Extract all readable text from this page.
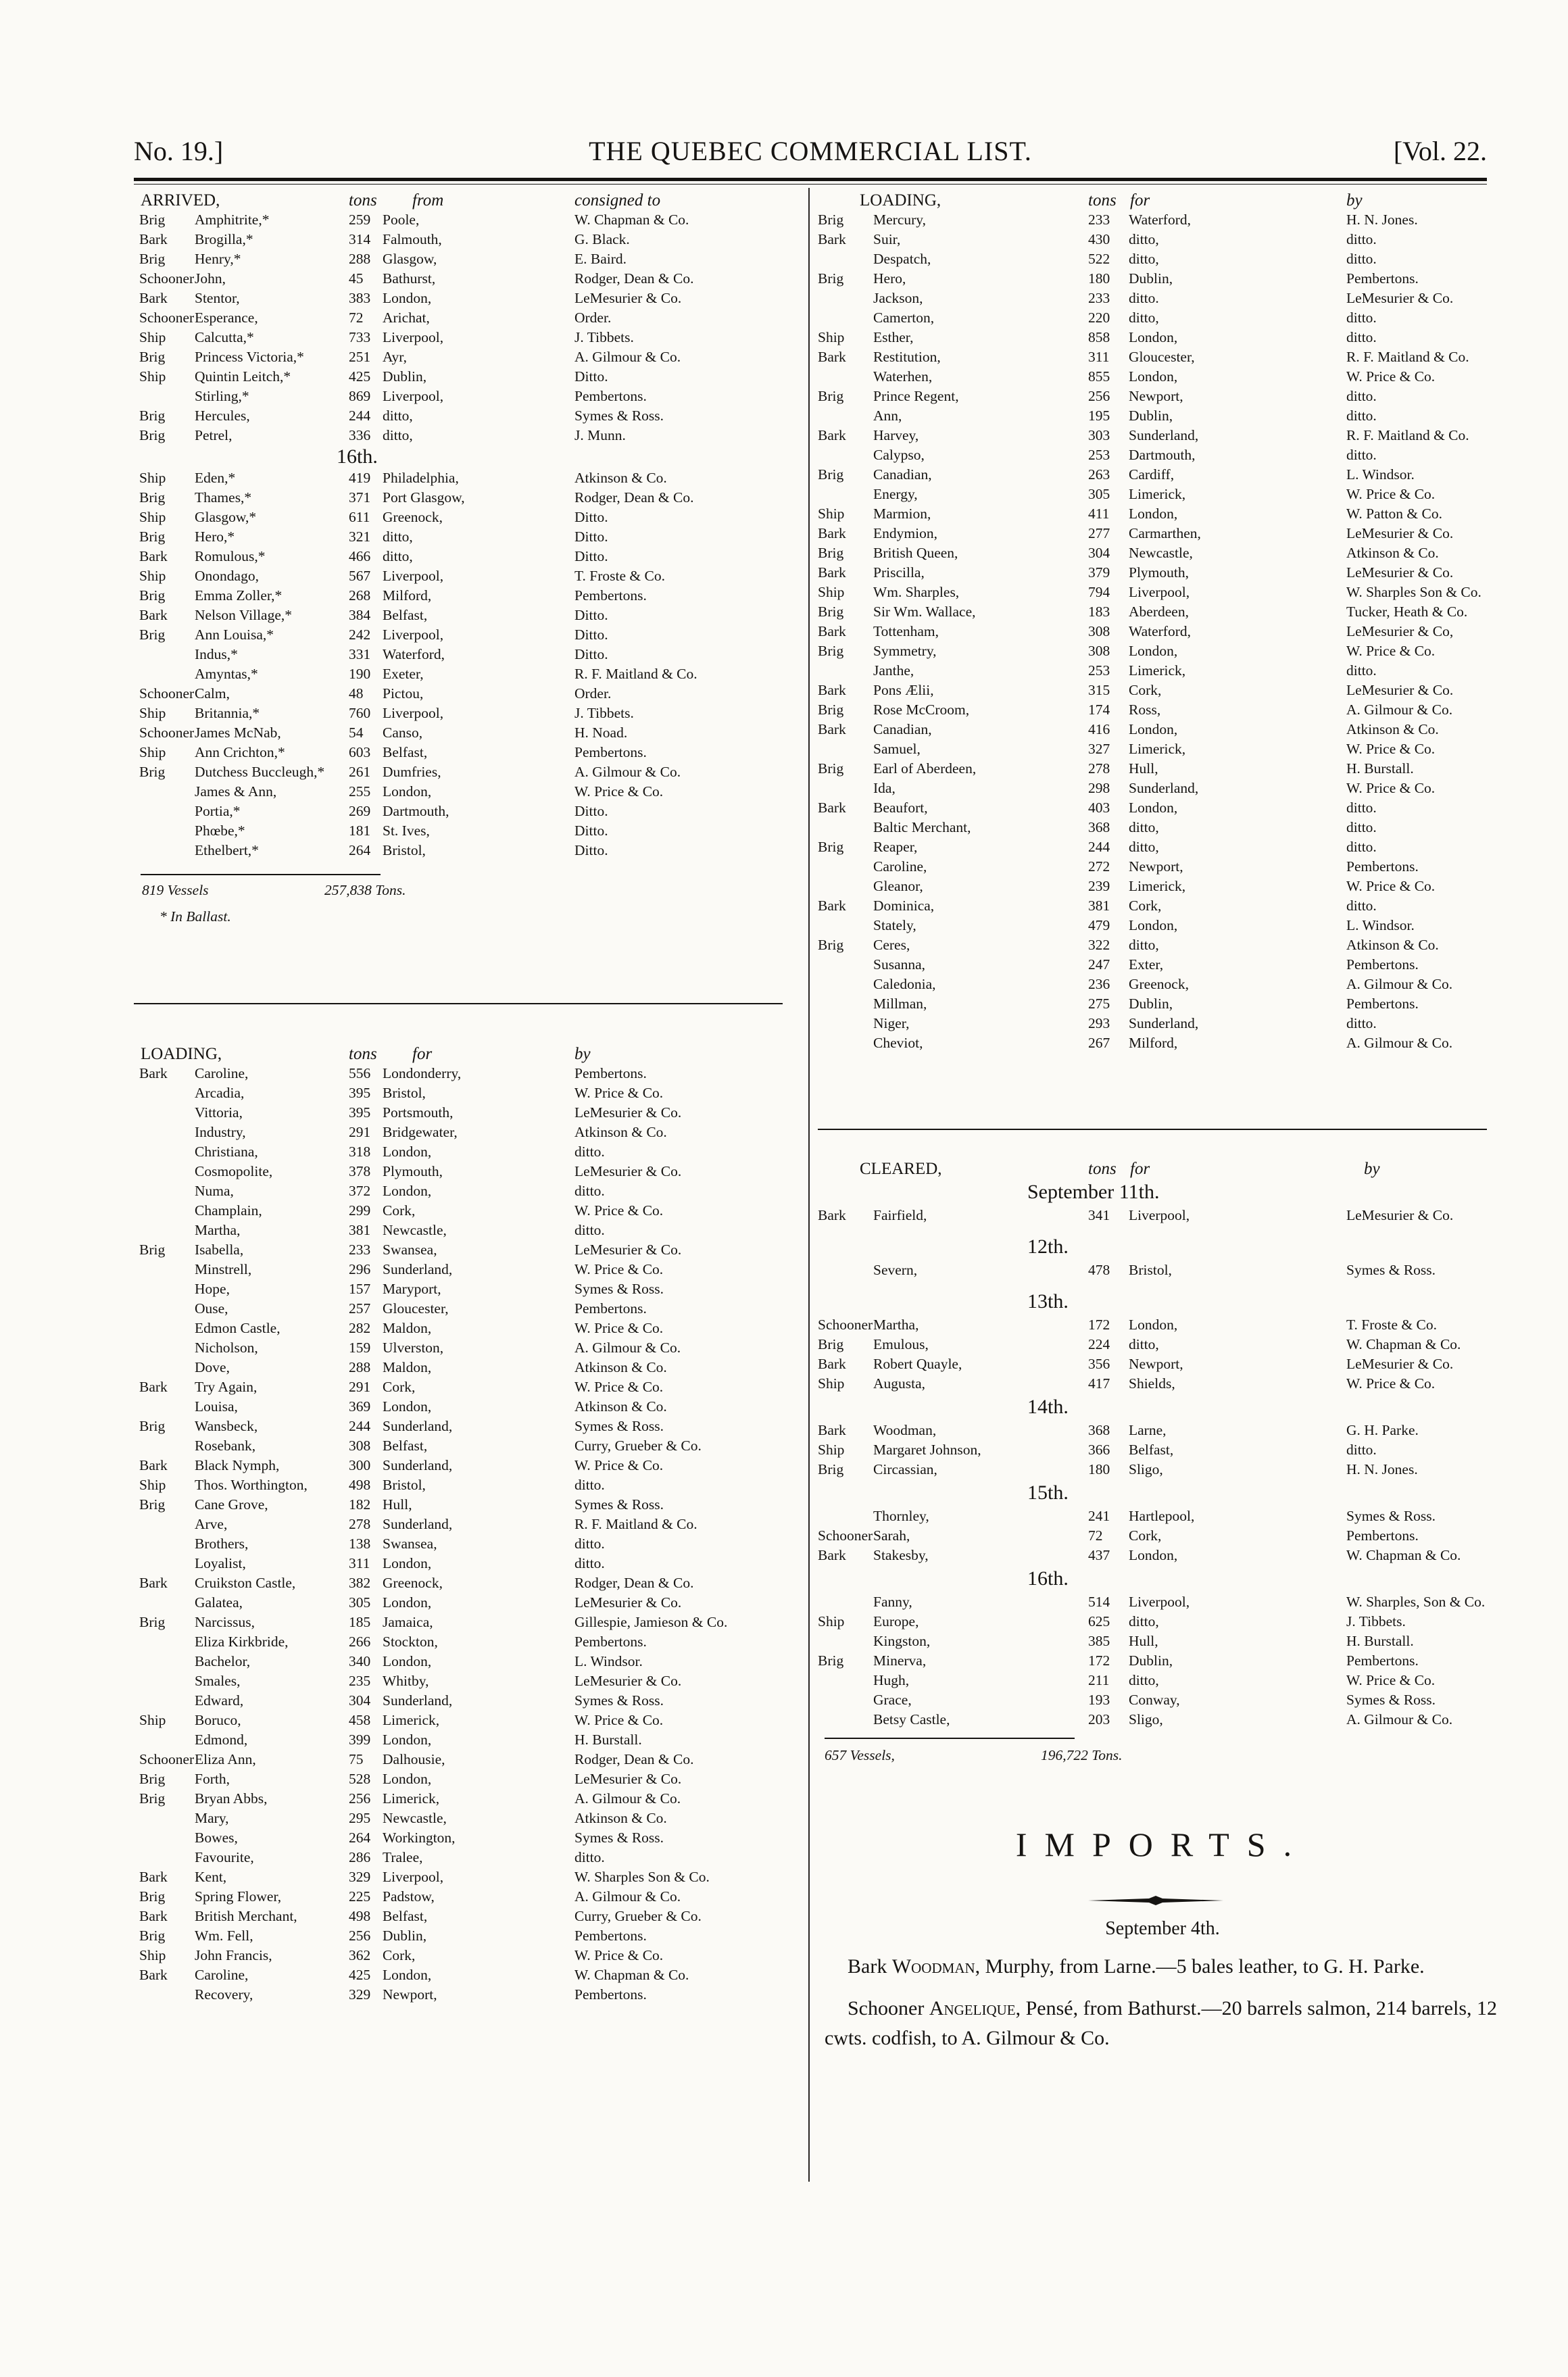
No. 19.]	THE QUEBEC COMMERCIAL LIST.	[Vol. 22.
ARRIVED,	tons from	consigned to
Brig Amphitrite,*	259 Poole,	W. Chapman & Co.
Bark Brogilla,*	314 Falmouth,	G. Black.
Brig Henry,*	288 Glasgow,	E. Baird.
Schooner John,	45 Bathurst,	Rodger, Dean & Co.
Bark Stentor,	383 London,	LeMesurier & Co.
Schooner Esperance,	72 Arichat,	Order.
Ship Calcutta,*	733 Liverpool,	J. Tibbets.
Brig Princess Victoria,*	251 Ayr,	A. Gilmour & Co.
Ship Quintin Leitch,*	425 Dublin,	Ditto.
Stirling,*	869 Liverpool,	Pembertons.
Brig Hercules,	244 ditto,	Symes & Ross.
Brig Petrel,	336 ditto,	J. Munn.
16th.
Ship Eden,*	419 Philadelphia,	Atkinson & Co.
Brig Thames,*	371 Port Glasgow,	Rodger, Dean & Co.
Ship Glasgow,*	611 Greenock,	Ditto.
Brig Hero,*	321 ditto,	Ditto.
Bark Romulous,*	466 ditto,	Ditto.
Ship Onondago,	567 Liverpool,	T. Froste & Co.
Brig Emma Zoller,*	268 Milford,	Pembertons.
Bark Nelson Village,*	384 Belfast,	Ditto.
Brig Ann Louisa,*	242 Liverpool,	Ditto.
Indus,*	331 Waterford,	Ditto.
Amyntas,*	190 Exeter,	R. F. Maitland & Co.
Schooner Calm,	48 Pictou,	Order.
Ship Britannia,*	760 Liverpool,	J. Tibbets.
Schooner James McNab,	54 Canso,	H. Noad.
Ship Ann Crichton,*	603 Belfast,	Pembertons.
Brig Dutchess Buccleugh,* 261 Dumfries,	A. Gilmour & Co.
James & Ann,	255 London,	W. Price & Co.
Portia,*	269 Dartmouth,	Ditto.
Phœbe,*	181 St. Ives,	Ditto.
Ethelbert,*	264 Bristol,	Ditto.
819 Vessels	257,838 Tons.
* In Ballast.
LOADING,	tons for	by
Bark Caroline,	556 Londonderry,	Pembertons.
Arcadia,	395 Bristol,	W. Price & Co.
Vittoria,	395 Portsmouth,	LeMesurier & Co.
Industry,	291 Bridgewater,	Atkinson & Co.
Christiana,	318 London,	ditto.
Cosmopolite,	378 Plymouth,	LeMesurier & Co.
Numa,	372 London,	ditto.
Champlain,	299 Cork,	W. Price & Co.
Martha,	381 Newcastle,	ditto.
Brig Isabella,	233 Swansea,	LeMesurier & Co.
Minstrell,	296 Sunderland,	W. Price & Co.
Hope,	157 Maryport,	Symes & Ross.
Ouse,	257 Gloucester,	Pembertons.
Edmon Castle,	282 Maldon,	W. Price & Co.
Nicholson,	159 Ulverston,	A. Gilmour & Co.
Dove,	288 Maldon,	Atkinson & Co.
Bark Try Again,	291 Cork,	W. Price & Co.
Louisa,	369 London,	Atkinson & Co.
Brig Wansbeck,	244 Sunderland,	Symes & Ross.
Rosebank,	308 Belfast,	Curry, Grueber & Co.
Bark Black Nymph,	300 Sunderland,	W. Price & Co.
Ship Thos. Worthington,	498 Bristol,	ditto.
Brig Cane Grove,	182 Hull,	Symes & Ross.
Arve,	278 Sunderland,	R. F. Maitland & Co.
Brothers,	138 Swansea,	ditto.
Loyalist,	311 London,	ditto.
Bark Cruikston Castle,	382 Greenock,	Rodger, Dean & Co.
Galatea,	305 London,	LeMesurier & Co.
Brig Narcissus,	185 Jamaica,	Gillespie, Jamieson & Co.
Eliza Kirkbride,	266 Stockton,	Pembertons.
Bachelor,	340 London,	L. Windsor.
Smales,	235 Whitby,	LeMesurier & Co.
Edward,	304 Sunderland,	Symes & Ross.
Ship Boruco,	458 Limerick,	W. Price & Co.
Edmond,	399 London,	H. Burstall.
Schooner Eliza Ann,	75 Dalhousie,	Rodger, Dean & Co.
Brig Forth,	528 London,	LeMesurier & Co.
Brig Bryan Abbs,	256 Limerick,	A. Gilmour & Co.
Mary,	295 Newcastle,	Atkinson & Co.
Bowes,	264 Workington,	Symes & Ross.
Favourite,	286 Tralee,	ditto.
Bark Kent,	329 Liverpool,	W. Sharples Son & Co.
Brig Spring Flower,	225 Padstow,	A. Gilmour & Co.
Bark British Merchant,	498 Belfast,	Curry, Grueber & Co.
Brig Wm. Fell,	256 Dublin,	Pembertons.
Ship John Francis,	362 Cork,	W. Price & Co.
Bark Caroline,	425 London,	W. Chapman & Co.
Recovery,	329 Newport,	Pembertons.
LOADING,	tons for	by
Brig Mercury,	233 Waterford,	H. N. Jones.
Bark Suir,	430 ditto,	ditto.
Despatch,	522 ditto,	ditto.
Brig Hero,	180 Dublin,	Pembertons.
Jackson,	233 ditto.	LeMesurier & Co.
Camerton,	220 ditto,	ditto.
Ship Esther,	858 London,	ditto.
Bark Restitution,	311 Gloucester,	R. F. Maitland & Co.
Waterhen,	855 London,	W. Price & Co.
Brig Prince Regent,	256 Newport,	ditto.
Ann,	195 Dublin,	ditto.
Bark Harvey,	303 Sunderland,	R. F. Maitland & Co.
Calypso,	253 Dartmouth,	ditto.
Brig Canadian,	263 Cardiff,	L. Windsor.
Energy,	305 Limerick,	W. Price & Co.
Ship Marmion,	411 London,	W. Patton & Co.
Bark Endymion,	277 Carmarthen,	LeMesurier & Co.
Brig British Queen,	304 Newcastle,	Atkinson & Co.
Bark Priscilla,	379 Plymouth,	LeMesurier & Co.
Ship Wm. Sharples,	794 Liverpool,	W. Sharples Son & Co.
Brig Sir Wm. Wallace,	183 Aberdeen,	Tucker, Heath & Co.
Bark Tottenham,	308 Waterford,	LeMesurier & Co,
Brig Symmetry,	308 London,	W. Price & Co.
Janthe,	253 Limerick,	ditto.
Bark Pons Ælii,	315 Cork,	LeMesurier & Co.
Brig Rose McCroom,	174 Ross,	A. Gilmour & Co.
Bark Canadian,	416 London,	Atkinson & Co.
Samuel,	327 Limerick,	W. Price & Co.
Brig Earl of Aberdeen,	278 Hull,	H. Burstall.
Ida,	298 Sunderland,	W. Price & Co.
Bark Beaufort,	403 London,	ditto.
Baltic Merchant,	368 ditto,	ditto.
Brig Reaper,	244 ditto,	ditto.
Caroline,	272 Newport,	Pembertons.
Gleanor,	239 Limerick,	W. Price & Co.
Bark Dominica,	381 Cork,	ditto.
Stately,	479 London,	L. Windsor.
Brig Ceres,	322 ditto,	Atkinson & Co.
Susanna,	247 Exter,	Pembertons.
Caledonia,	236 Greenock,	A. Gilmour & Co.
Millman,	275 Dublin,	Pembertons.
Niger,	293 Sunderland,	ditto.
Cheviot,	267 Milford,	A. Gilmour & Co.
CLEARED,	tons for	by
September 11th.
Bark Fairfield,	341 Liverpool,	LeMesurier & Co.
12th.
Severn,	478 Bristol,	Symes & Ross.
13th.
Schooner Martha,	172 London,	T. Froste & Co.
Brig Emulous,	224 ditto,	W. Chapman & Co.
Bark Robert Quayle,	356 Newport,	LeMesurier & Co.
Ship Augusta,	417 Shields,	W. Price & Co.
14th.
Bark Woodman,	368 Larne,	G. H. Parke.
Ship Margaret Johnson,	366 Belfast,	ditto.
Brig Circassian,	180 Sligo,	H. N. Jones.
15th.
Thornley,	241 Hartlepool,	Symes & Ross.
Schooner Sarah,	72 Cork,	Pembertons.
Bark Stakesby,	437 London,	W. Chapman & Co.
16th.
Fanny,	514 Liverpool,	W. Sharples, Son & Co.
Ship Europe,	625 ditto,	J. Tibbets.
Kingston,	385 Hull,	H. Burstall.
Brig Minerva,	172 Dublin,	Pembertons.
Hugh,	211 ditto,	W. Price & Co.
Grace,	193 Conway,	Symes & Ross.
Betsy Castle,	203 Sligo,	A. Gilmour & Co.
657 Vessels,	196,722 Tons.
IMPORTS.
September 4th.

Bark Woodman, Murphy, from Larne.—5 bales leather, to G. H. Parke.

Schooner Angelique, Pensé, from Bathurst.—20 barrels salmon, 214 barrels, 12 cwts. codfish, to A. Gilmour & Co.
